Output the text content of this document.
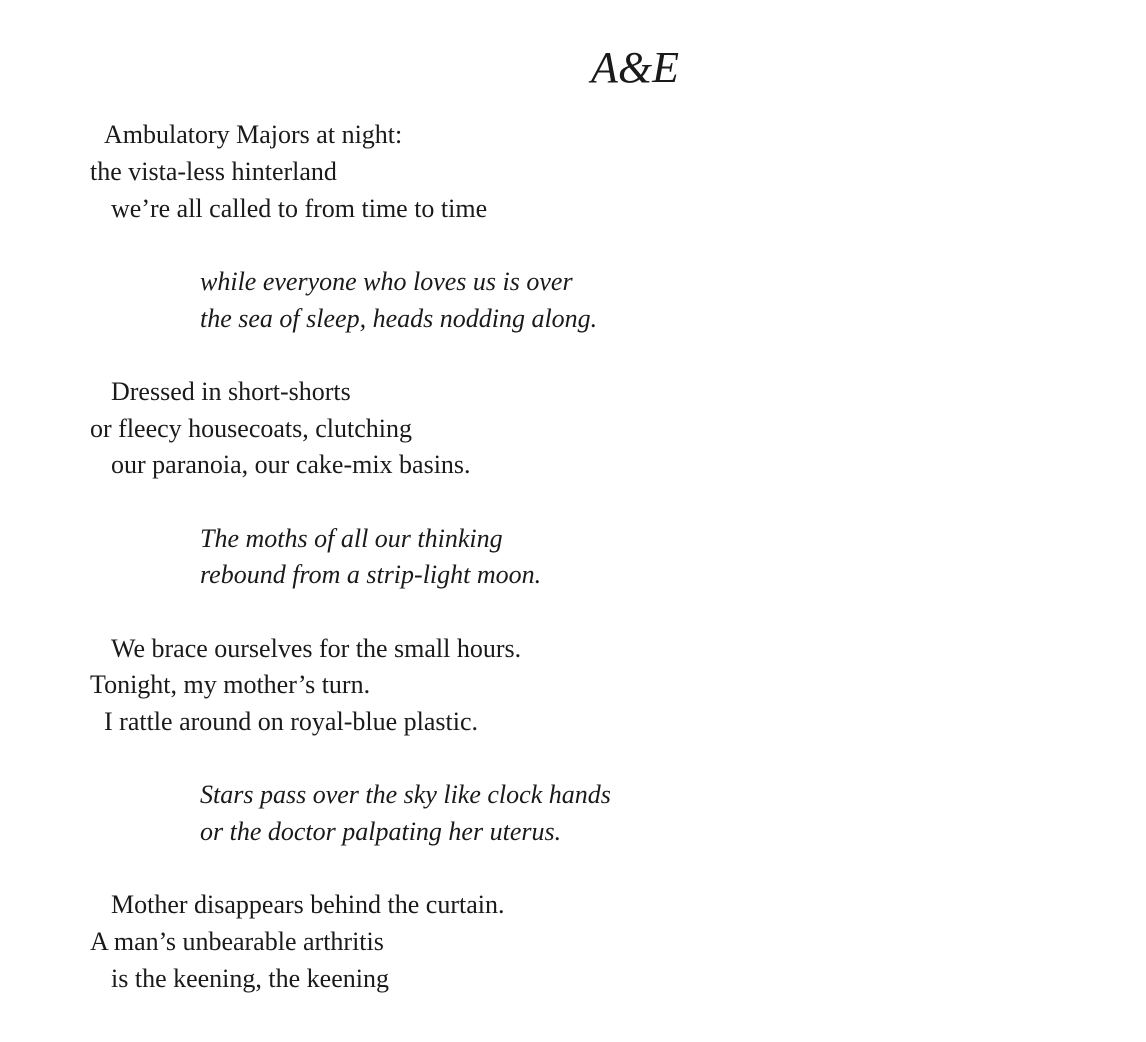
A&E
Ambulatory Majors at night:
the vista-less hinterland
we’re all called to from time to time
while everyone who loves us is over
the sea of sleep, heads nodding along.
Dressed in short-shorts
or fleecy housecoats, clutching
our paranoia, our cake-mix basins.
The moths of all our thinking
rebound from a strip-light moon.
We brace ourselves for the small hours.
Tonight, my mother’s turn.
I rattle around on royal-blue plastic.
Stars pass over the sky like clock hands
or the doctor palpating her uterus.
Mother disappears behind the curtain.
A man’s unbearable arthritis
is the keening, the keening
